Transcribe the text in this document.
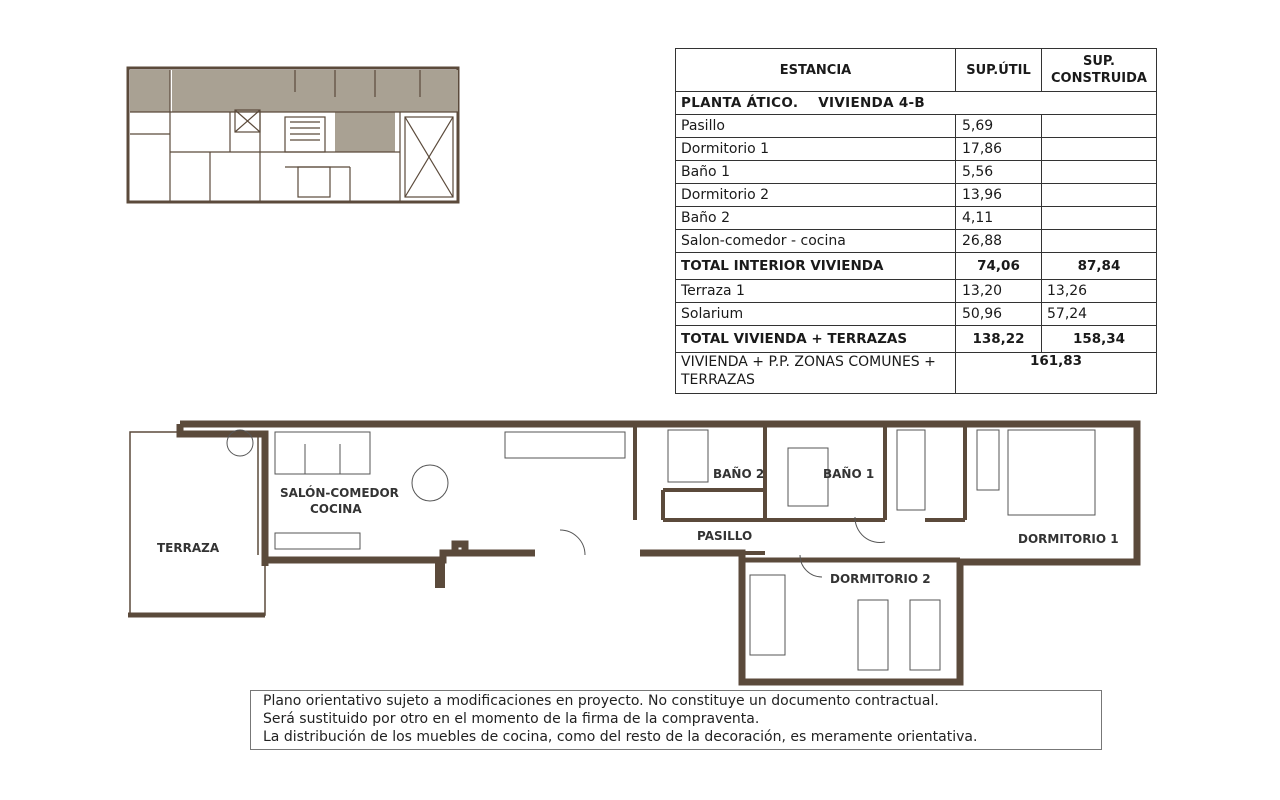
ESTANCIA	SUP.ÚTIL	SUP. CONSTRUIDA
PLANTA ÁTICO.    VIVIENDA 4-B		
Pasillo	5,69	
Dormitorio 1	17,86	
Baño 1	5,56	
Dormitorio 2	13,96	
Baño 2	4,11	
Salon-comedor - cocina	26,88	
TOTAL INTERIOR VIVIENDA	74,06	87,84
Terraza 1	13,20	13,26
Solarium	50,96	57,24
TOTAL VIVIENDA + TERRAZAS	138,22	158,34
VIVIENDA + P.P. ZONAS COMUNES + TERRAZAS	161,83	
TERRAZA
SALÓN-COMEDOR
COCINA
BAÑO 2	BAÑO 1
PASILLO	DORMITORIO 1
DORMITORIO 2
Plano orientativo sujeto a modificaciones en proyecto. No constituye un documento contractual.
Será sustituido por otro en el momento de la firma de la compraventa.
La distribución de los muebles de cocina, como del resto de la decoración, es meramente orientativa.
